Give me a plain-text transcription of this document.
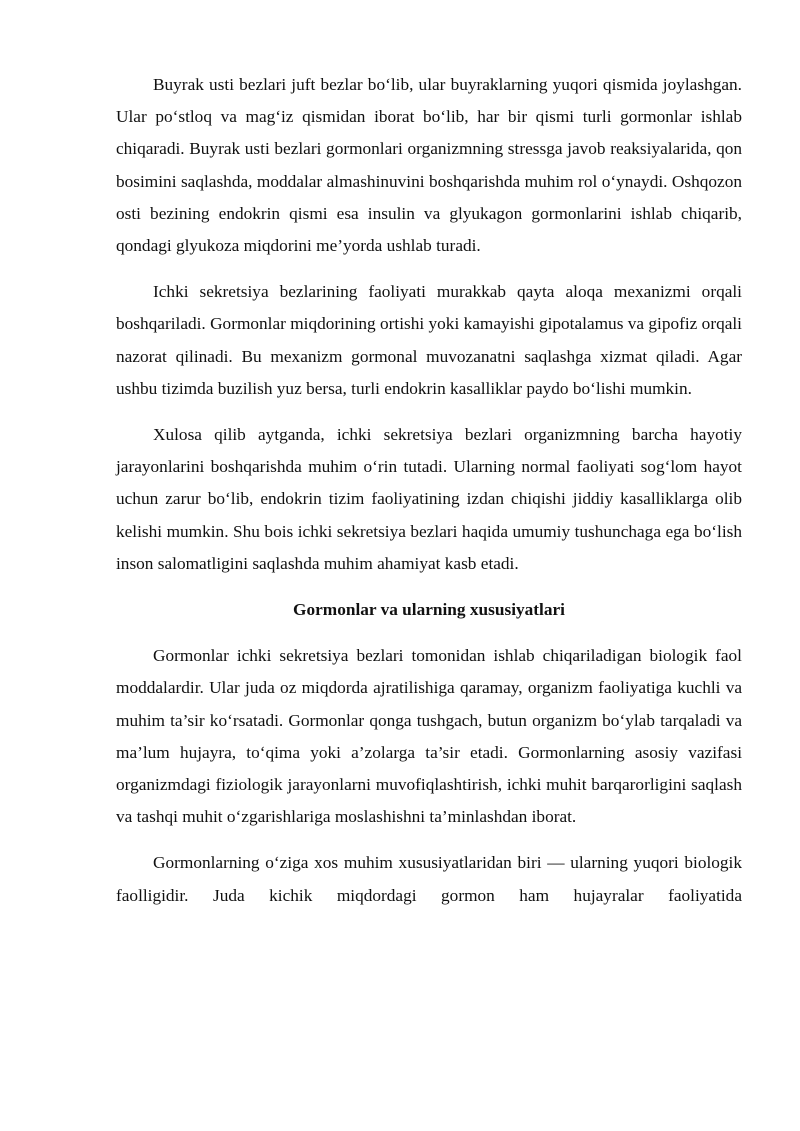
Buyrak usti bezlari juft bezlar bo‘lib, ular buyraklarning yuqori qismida joylashgan. Ular po‘stloq va mag‘iz qismidan iborat bo‘lib, har bir qismi turli gormonlar ishlab chiqaradi. Buyrak usti bezlari gormonlari organizmning stressga javob reaksiyalarida, qon bosimini saqlashda, moddalar almashinuvini boshqarishda muhim rol o‘ynaydi. Oshqozon osti bezining endokrin qismi esa insulin va glyukagon gormonlarini ishlab chiqarib, qondagi glyukoza miqdorini me’yorda ushlab turadi.

Ichki sekretsiya bezlarining faoliyati murakkab qayta aloqa mexanizmi orqali boshqariladi. Gormonlar miqdorining ortishi yoki kamayishi gipotalamus va gipofiz orqali nazorat qilinadi. Bu mexanizm gormonal muvozanatni saqlashga xizmat qiladi. Agar ushbu tizimda buzilish yuz bersa, turli endokrin kasalliklar paydo bo‘lishi mumkin.

Xulosa qilib aytganda, ichki sekretsiya bezlari organizmning barcha hayotiy jarayonlarini boshqarishda muhim o‘rin tutadi. Ularning normal faoliyati sog‘lom hayot uchun zarur bo‘lib, endokrin tizim faoliyatining izdan chiqishi jiddiy kasalliklarga olib kelishi mumkin. Shu bois ichki sekretsiya bezlari haqida umumiy tushunchaga ega bo‘lish inson salomatligini saqlashda muhim ahamiyat kasb etadi.

Gormonlar va ularning xususiyatlari

Gormonlar ichki sekretsiya bezlari tomonidan ishlab chiqariladigan biologik faol moddalardir. Ular juda oz miqdorda ajratilishiga qaramay, organizm faoliyatiga kuchli va muhim ta’sir ko‘rsatadi. Gormonlar qonga tushgach, butun organizm bo‘ylab tarqaladi va ma’lum hujayra, to‘qima yoki a’zolarga ta’sir etadi. Gormonlarning asosiy vazifasi organizmdagi fiziologik jarayonlarni muvofiqlashtirish, ichki muhit barqarorligini saqlash va tashqi muhit o‘zgarishlariga moslashishni ta’minlashdan iborat.

Gormonlarning o‘ziga xos muhim xususiyatlaridan biri — ularning yuqori biologik faolligidir. Juda kichik miqdordagi gormon ham hujayralar faoliyatida
